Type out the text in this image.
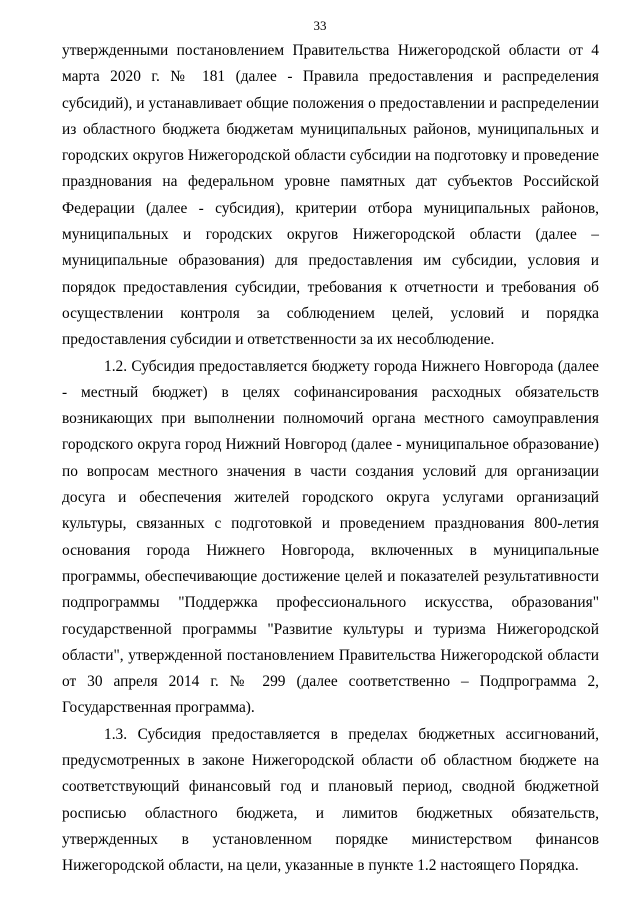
33

утвержденными постановлением Правительства Нижегородской области от 4 марта 2020 г. № 181 (далее - Правила предоставления и распределения субсидий), и устанавливает общие положения о предоставлении и распределении из областного бюджета бюджетам муниципальных районов, муниципальных и городских округов Нижегородской области субсидии на подготовку и проведение празднования на федеральном уровне памятных дат субъектов Российской Федерации (далее - субсидия), критерии отбора муниципальных районов, муниципальных и городских округов Нижегородской области (далее – муниципальные образования) для предоставления им субсидии, условия и порядок предоставления субсидии, требования к отчетности и требования об осуществлении контроля за соблюдением целей, условий и порядка предоставления субсидии и ответственности за их несоблюдение.

1.2. Субсидия предоставляется бюджету города Нижнего Новгорода (далее - местный бюджет) в целях софинансирования расходных обязательств возникающих при выполнении полномочий органа местного самоуправления городского округа город Нижний Новгород (далее - муниципальное образование) по вопросам местного значения в части создания условий для организации досуга и обеспечения жителей городского округа услугами организаций культуры, связанных с подготовкой и проведением празднования 800-летия основания города Нижнего Новгорода, включенных в муниципальные программы, обеспечивающие достижение целей и показателей результативности подпрограммы "Поддержка профессионального искусства, образования" государственной программы "Развитие культуры и туризма Нижегородской области", утвержденной постановлением Правительства Нижегородской области от 30 апреля 2014 г. № 299 (далее соответственно – Подпрограмма 2, Государственная программа).

1.3. Субсидия предоставляется в пределах бюджетных ассигнований, предусмотренных в законе Нижегородской области об областном бюджете на соответствующий финансовый год и плановый период, сводной бюджетной росписью областного бюджета, и лимитов бюджетных обязательств, утвержденных в установленном порядке министерством финансов Нижегородской области, на цели, указанные в пункте 1.2 настоящего Порядка.
